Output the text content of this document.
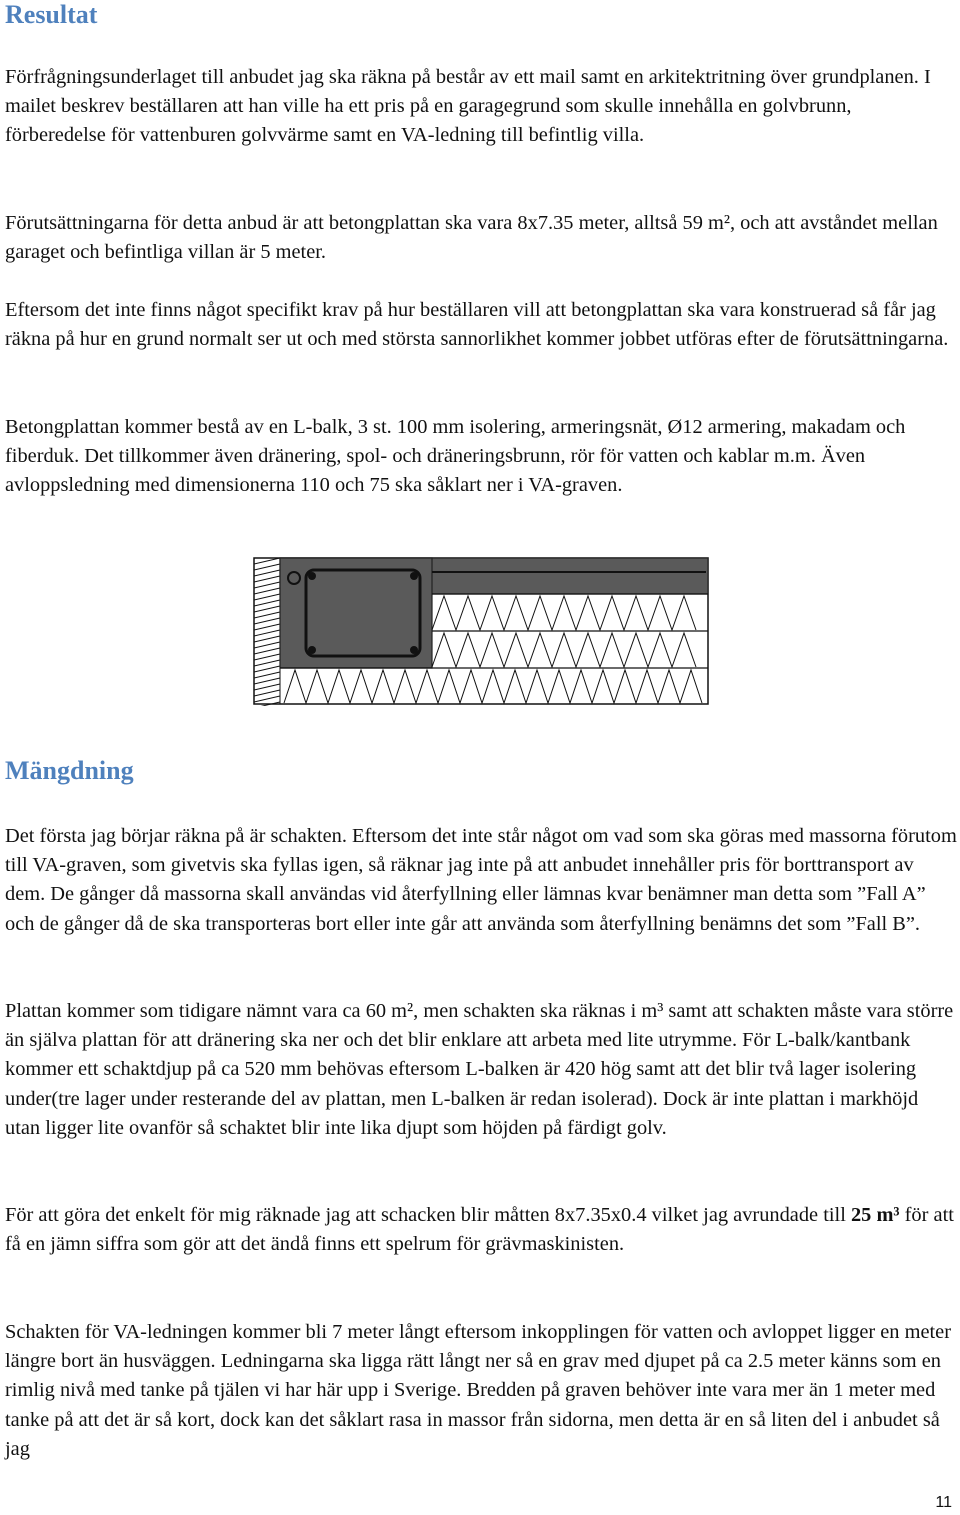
Resultat

Förfrågningsunderlaget till anbudet jag ska räkna på består av ett mail samt en arkitektritning över grundplanen. I mailet beskrev beställaren att han ville ha ett pris på en garagegrund som skulle innehålla en golvbrunn, förberedelse för vattenburen golvvärme samt en VA-ledning till befintlig villa.

Förutsättningarna för detta anbud är att betongplattan ska vara 8x7.35 meter, alltså 59 m², och att avståndet mellan garaget och befintliga villan är 5 meter.

Eftersom det inte finns något specifikt krav på hur beställaren vill att betongplattan ska vara konstruerad så får jag räkna på hur en grund normalt ser ut och med största sannorlikhet kommer jobbet utföras efter de förutsättningarna.

Betongplattan kommer bestå av en L-balk, 3 st. 100 mm isolering, armeringsnät, Ø12 armering, makadam och fiberduk. Det tillkommer även dränering, spol- och dräneringsbrunn, rör för vatten och kablar m.m. Även avloppsledning med dimensionerna 110 och 75 ska såklart ner i VA-graven.

Mängdning

Det första jag börjar räkna på är schakten. Eftersom det inte står något om vad som ska göras med massorna förutom till VA-graven, som givetvis ska fyllas igen, så räknar jag inte på att anbudet innehåller pris för borttransport av dem. De gånger då massorna skall användas vid återfyllning eller lämnas kvar benämner man detta som ”Fall A” och de gånger då de ska transporteras bort eller inte går att använda som återfyllning benämns det som ”Fall B”.

Plattan kommer som tidigare nämnt vara ca 60 m², men schakten ska räknas i m³ samt att schakten måste vara större än själva plattan för att dränering ska ner och det blir enklare att arbeta med lite utrymme. För L-balk/kantbank kommer ett schaktdjup på ca 520 mm behövas eftersom L-balken är 420 hög samt att det blir två lager isolering under(tre lager under resterande del av plattan, men L-balken är redan isolerad). Dock är inte plattan i markhöjd utan ligger lite ovanför så schaktet blir inte lika djupt som höjden på färdigt golv.

För att göra det enkelt för mig räknade jag att schacken blir måtten 8x7.35x0.4 vilket jag avrundade till 25 m³ för att få en jämn siffra som gör att det ändå finns ett spelrum för grävmaskinisten.

Schakten för VA-ledningen kommer bli 7 meter långt eftersom inkopplingen för vatten och avloppet ligger en meter längre bort än husväggen. Ledningarna ska ligga rätt långt ner så en grav med djupet på ca 2.5 meter känns som en rimlig nivå med tanke på tjälen vi har här upp i Sverige. Bredden på graven behöver inte vara mer än 1 meter med tanke på att det är så kort, dock kan det såklart rasa in massor från sidorna, men detta är en så liten del i anbudet så jag

11
